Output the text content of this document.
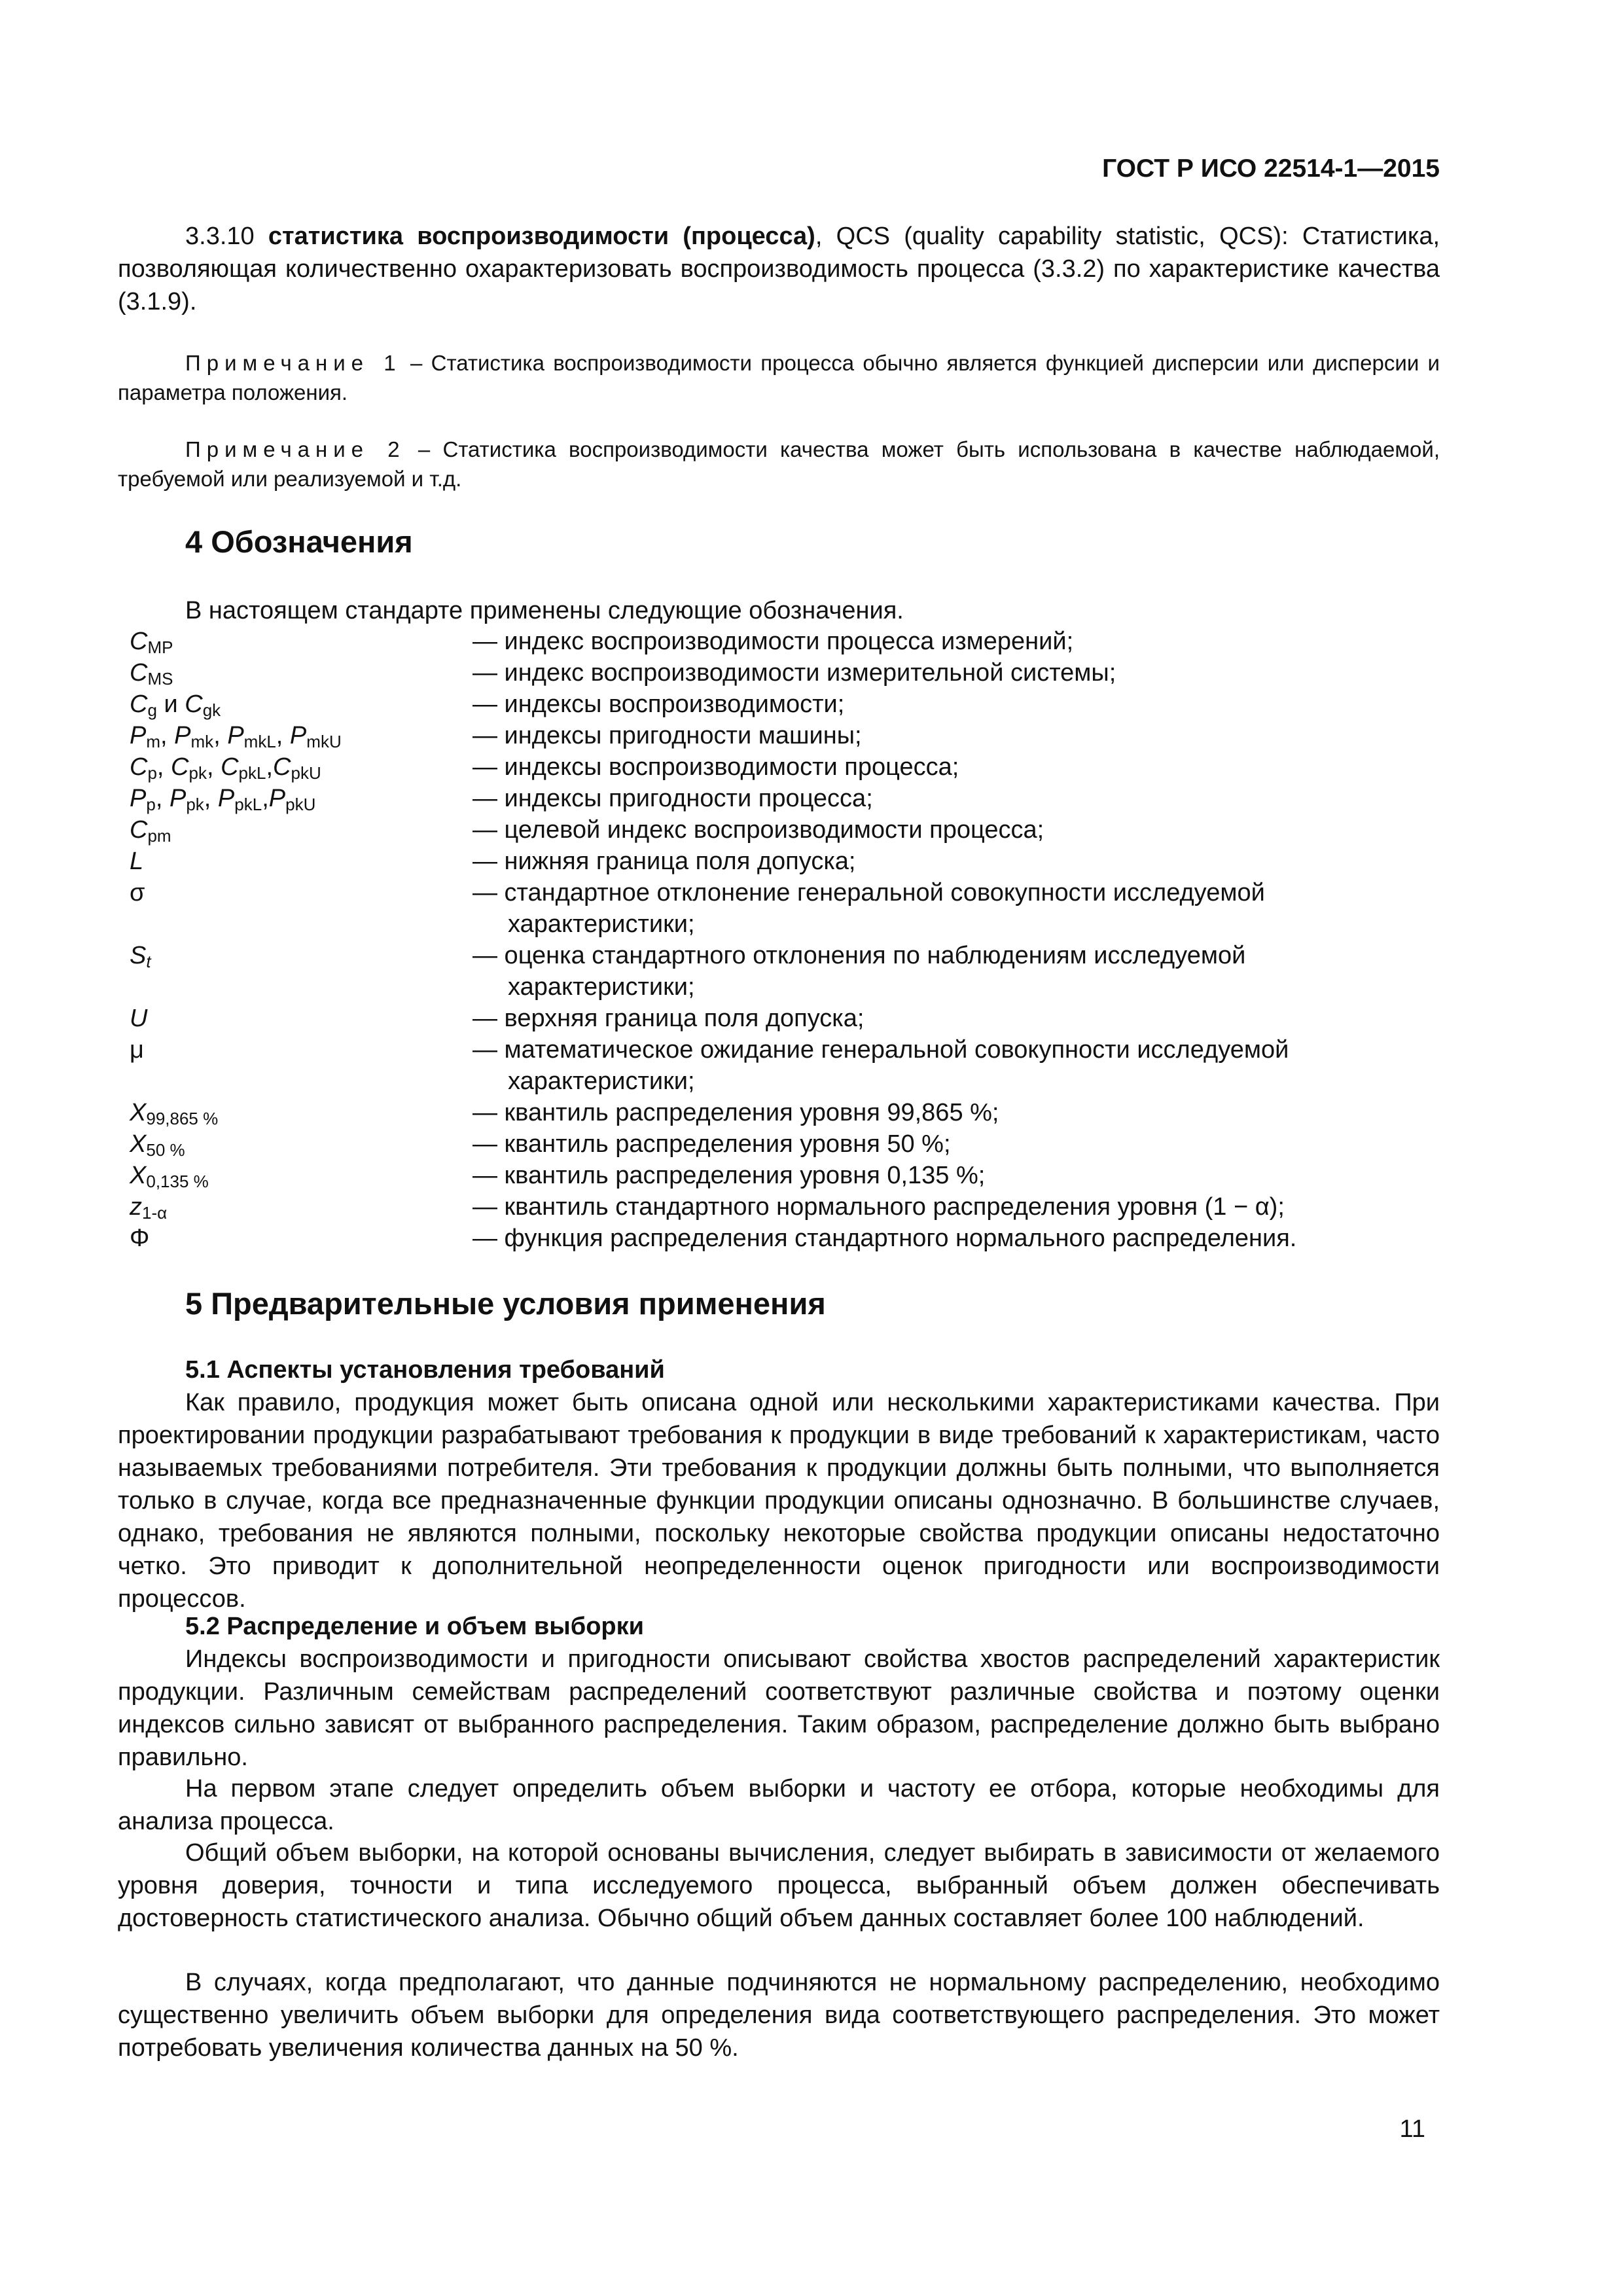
ГОСТ Р ИСО 22514-1—2015
3.3.10 статистика воспроизводимости (процесса), QCS (quality capability statistic, QCS): Статистика, позволяющая количественно охарактеризовать воспроизводимость процесса (3.3.2) по характеристике качества (3.1.9).
Примечание 1 – Статистика воспроизводимости процесса обычно является функцией дисперсии или дисперсии и параметра положения.
Примечание 2 – Статистика воспроизводимости качества может быть использована в качестве наблюдаемой, требуемой или реализуемой и т.д.
4 Обозначения
В настоящем стандарте применены следующие обозначения.
$C_{MP}$	— индекс воспроизводимости процесса измерений;
$C_{MS}$	— индекс воспроизводимости измерительной системы;
$C_g$ и $C_{gk}$	— индексы воспроизводимости;
$P_m$, $P_{mk}$, $P_{mkL}$, $P_{mkU}$	— индексы пригодности машины;
$C_p$, $C_{pk}$, $C_{pkL},C_{pkU}$	— индексы воспроизводимости процесса;
$P_p$, $P_{pk}$, $P_{pkL},P_{pkU}$	— индексы пригодности процесса;
$C_{pm}$	— целевой индекс воспроизводимости процесса;
L	— нижняя граница поля допуска;
σ	— стандартное отклонение генеральной совокупности исследуемой
характеристики;
$S_t$	— оценка стандартного отклонения по наблюдениям исследуемой
характеристики;
U	— верхняя граница поля допуска;
μ	— математическое ожидание генеральной совокупности исследуемой
характеристики;
$X_{99,865 \%}$	— квантиль распределения уровня 99,865 %;
$X_{50 \%}$	— квантиль распределения уровня 50 %;
$X_{0,135 \%}$	— квантиль распределения уровня 0,135 %;
$z_{1-\alpha}$	— квантиль стандартного нормального распределения уровня (1 − α);
Φ	— функция распределения стандартного нормального распределения.
5 Предварительные условия применения
5.1 Аспекты установления требований
Как правило, продукция может быть описана одной или несколькими характеристиками качества. При проектировании продукции разрабатывают требования к продукции в виде требований к характеристикам, часто называемых требованиями потребителя. Эти требования к продукции должны быть полными, что выполняется только в случае, когда все предназначенные функции продукции описаны однозначно. В большинстве случаев, однако, требования не являются полными, поскольку некоторые свойства продукции описаны недостаточно четко. Это приводит к дополнительной неопределенности оценок пригодности или воспроизводимости процессов.
5.2 Распределение и объем выборки
Индексы воспроизводимости и пригодности описывают свойства хвостов распределений характеристик продукции. Различным семействам распределений соответствуют различные свойства и поэтому оценки индексов сильно зависят от выбранного распределения. Таким образом, распределение должно быть выбрано правильно.
На первом этапе следует определить объем выборки и частоту ее отбора, которые необходимы для анализа процесса.
Общий объем выборки, на которой основаны вычисления, следует выбирать в зависимости от желаемого уровня доверия, точности и типа исследуемого процесса, выбранный объем должен обеспечивать достоверность статистического анализа. Обычно общий объем данных составляет более 100 наблюдений.
В случаях, когда предполагают, что данные подчиняются не нормальному распределению, необходимо существенно увеличить объем выборки для определения вида соответствующего распределения. Это может потребовать увеличения количества данных на 50 %.
11
